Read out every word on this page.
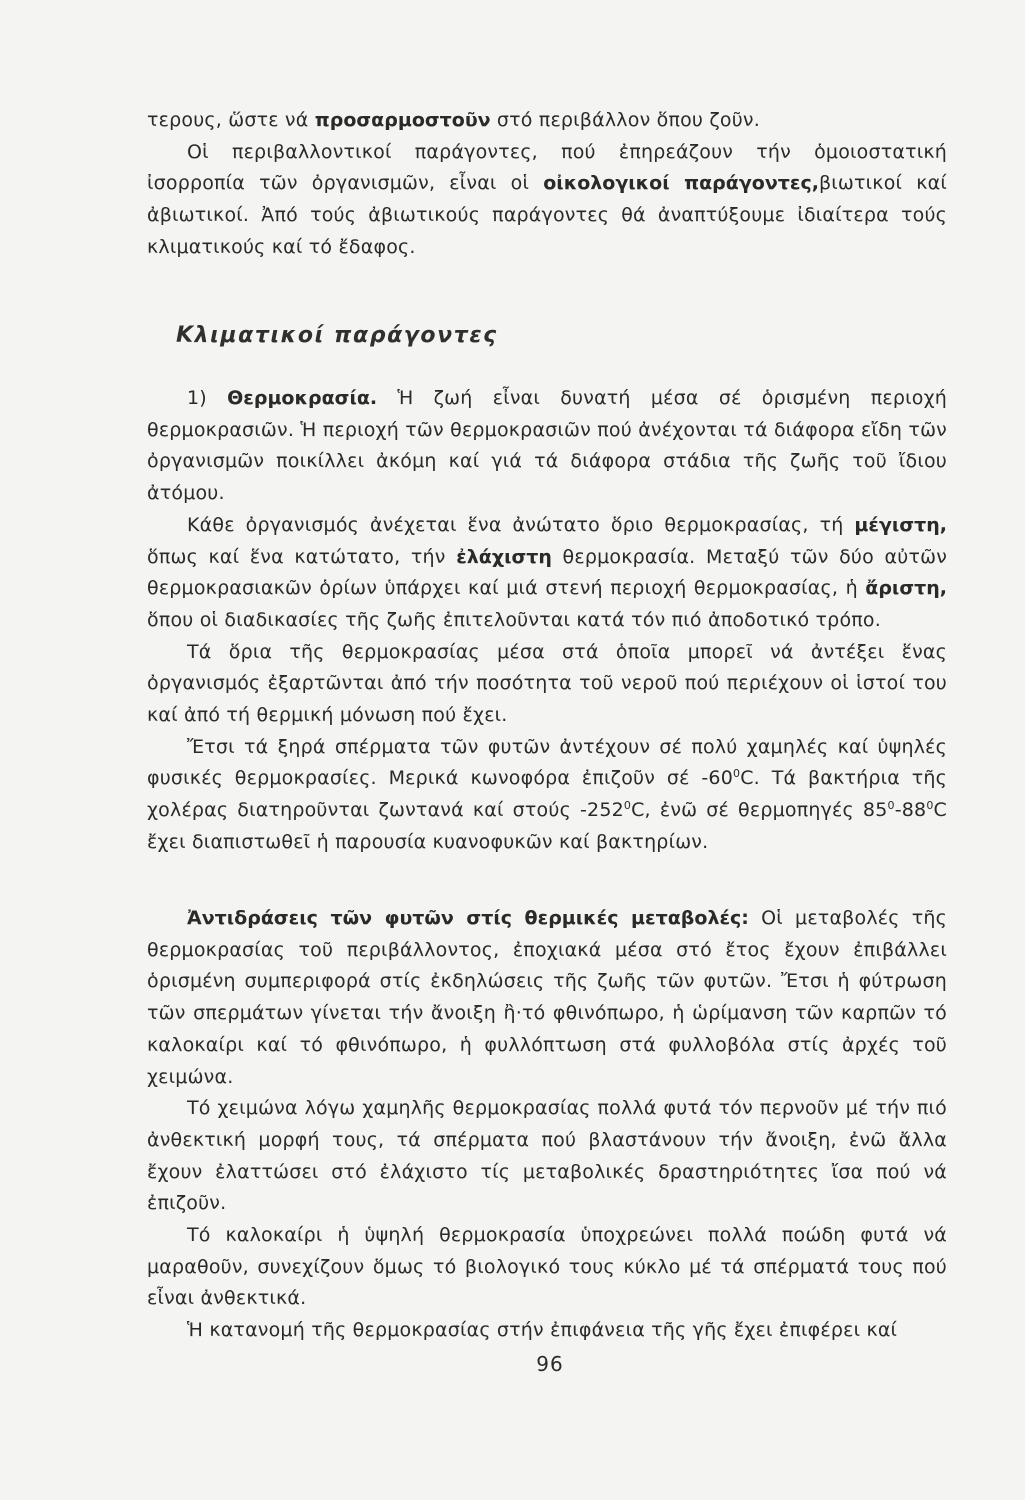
τερους, ὥστε νά προσαρμοστοῦν στό περιβάλλον ὅπου ζοῦν.

Οἱ περιβαλλοντικοί παράγοντες, πού ἐπηρεάζουν τήν ὁμοιοστατική ἰσορροπία τῶν ὀργανισμῶν, εἶναι οἱ οἰκολογικοί παράγοντες,βιωτικοί καί ἀβιωτικοί. Ἀπό τούς ἀβιωτικούς παράγοντες θά ἀναπτύξουμε ἰδιαίτερα τούς κλιματικούς καί τό ἔδαφος.

Κλιματικοί παράγοντες

1) Θερμοκρασία. Ἡ ζωή εἶναι δυνατή μέσα σέ ὁρισμένη περιοχή θερμοκρασιῶν. Ἡ περιοχή τῶν θερμοκρασιῶν πού ἀνέχονται τά διάφορα εἴδη τῶν ὀργανισμῶν ποικίλλει ἀκόμη καί γιά τά διάφορα στάδια τῆς ζωῆς τοῦ ἴδιου ἀτόμου.

Κάθε ὀργανισμός ἀνέχεται ἕνα ἀνώτατο ὅριο θερμοκρασίας, τή μέγιστη, ὅπως καί ἕνα κατώτατο, τήν ἐλάχιστη θερμοκρασία. Μεταξύ τῶν δύο αὐτῶν θερμοκρασιακῶν ὁρίων ὑπάρχει καί μιά στενή περιοχή θερμοκρασίας, ἡ ἄριστη, ὅπου οἱ διαδικασίες τῆς ζωῆς ἐπιτελοῦνται κατά τόν πιό ἀποδοτικό τρόπο.

Τά ὅρια τῆς θερμοκρασίας μέσα στά ὁποῖα μπορεῖ νά ἀντέξει ἕνας ὀργανισμός ἐξαρτῶνται ἀπό τήν ποσότητα τοῦ νεροῦ πού περιέχουν οἱ ἱστοί του καί ἀπό τή θερμική μόνωση πού ἔχει.

Ἔτσι τά ξηρά σπέρματα τῶν φυτῶν ἀντέχουν σέ πολύ χαμηλές καί ὑψηλές φυσικές θερμοκρασίες. Μερικά κωνοφόρα ἐπιζοῦν σέ $-60^0C$. Τά βακτήρια τῆς χολέρας διατηροῦνται ζωντανά καί στούς $-252^0C$, ἐνῶ σέ θερμοπηγές $85^0-88^0C$ ἔχει διαπιστωθεῖ ἡ παρουσία κυανοφυκῶν καί βακτηρίων.

Ἀντιδράσεις τῶν φυτῶν στίς θερμικές μεταβολές: Οἱ μεταβολές τῆς θερμοκρασίας τοῦ περιβάλλοντος, ἐποχιακά μέσα στό ἔτος ἔχουν ἐπιβάλλει ὁρισμένη συμπεριφορά στίς ἐκδηλώσεις τῆς ζωῆς τῶν φυτῶν. Ἔτσι ἡ φύτρωση τῶν σπερμάτων γίνεται τήν ἄνοιξη ἢ·τό φθινόπωρο, ἡ ὡρίμανση τῶν καρπῶν τό καλοκαίρι καί τό φθινόπωρο, ἡ φυλλόπτωση στά φυλλοβόλα στίς ἀρχές τοῦ χειμώνα.

Τό χειμώνα λόγω χαμηλῆς θερμοκρασίας πολλά φυτά τόν περνοῦν μέ τήν πιό ἀνθεκτική μορφή τους, τά σπέρματα πού βλαστάνουν τήν ἄνοιξη, ἐνῶ ἄλλα ἔχουν ἐλαττώσει στό ἐλάχιστο τίς μεταβολικές δραστηριότητες ἴσα πού νά ἐπιζοῦν.

Τό καλοκαίρι ἡ ὑψηλή θερμοκρασία ὑποχρεώνει πολλά ποώδη φυτά νά μαραθοῦν, συνεχίζουν ὅμως τό βιολογικό τους κύκλο μέ τά σπέρματά τους πού εἶναι ἀνθεκτικά.

Ἡ κατανομή τῆς θερμοκρασίας στήν ἐπιφάνεια τῆς γῆς ἔχει ἐπιφέρει καί

96
